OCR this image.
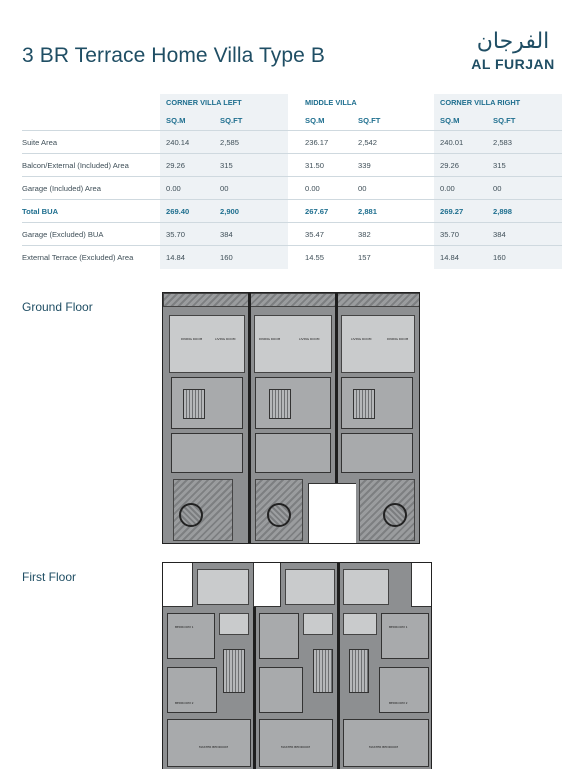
3 BR Terrace Home Villa Type B
الفرجان
AL FURJAN
CORNER VILLA LEFT	MIDDLE VILLA	CORNER VILLA RIGHT
SQ.M	SQ.FT	SQ.M	SQ.FT	SQ.M	SQ.FT
Suite Area	240.14	2,585	236.17	2,542	240.01	2,583
Balcon/External (Included) Area	29.26	315	31.50	339	29.26	315
Garage (Included) Area	0.00	00	0.00	00	0.00	00
Total BUA	269.40	2,900	267.67	2,881	269.27	2,898
Garage (Excluded) BUA	35.70	384	35.47	382	35.70	384
External Terrace (Excluded) Area	14.84	160	14.55	157	14.84	160
Ground Floor
DINING ROOM	LIVING ROOM	DINING ROOM	LIVING ROOM	LIVING ROOM	DINING ROOM
First Floor
BEDROOM 1	BEDROOM 1
BEDROOM 2	BEDROOM 2
MASTER BEDROOM	MASTER BEDROOM	MASTER BEDROOM
